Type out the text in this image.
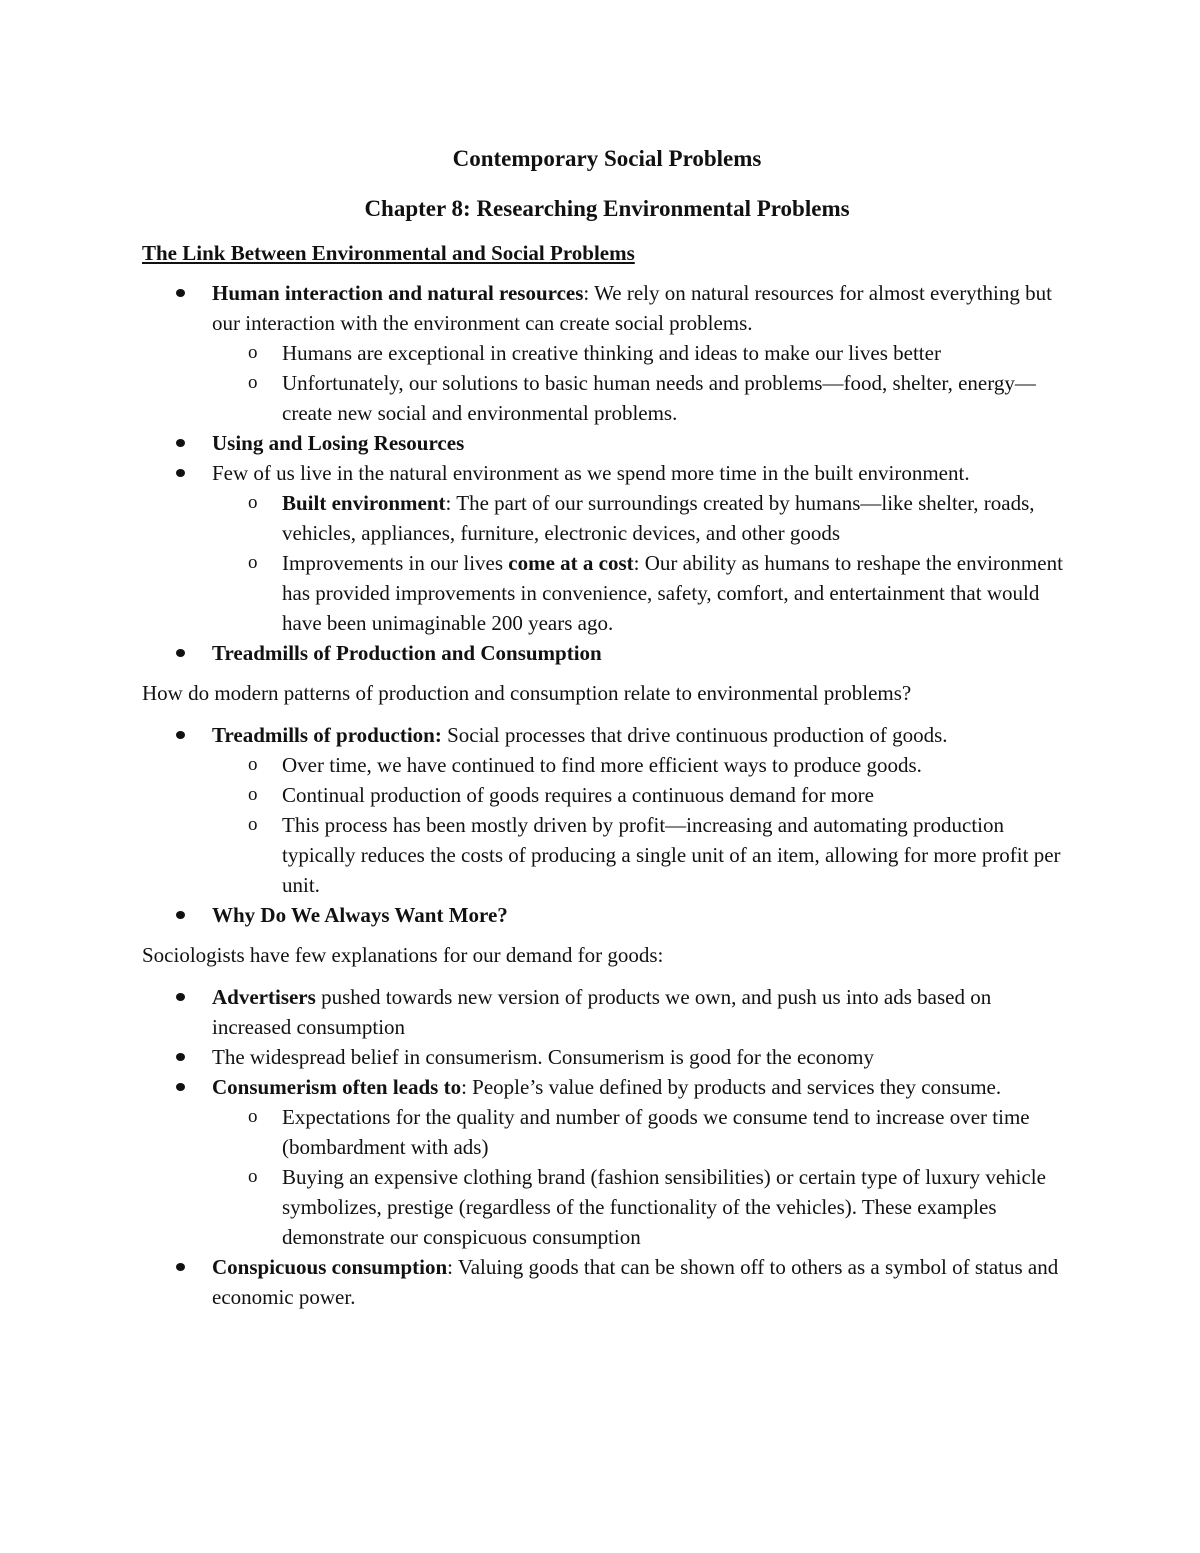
Contemporary Social Problems
Chapter 8: Researching Environmental Problems
The Link Between Environmental and Social Problems
Human interaction and natural resources: We rely on natural resources for almost everything but our interaction with the environment can create social problems.
o Humans are exceptional in creative thinking and ideas to make our lives better
o Unfortunately, our solutions to basic human needs and problems—food, shelter, energy—create new social and environmental problems.
Using and Losing Resources
Few of us live in the natural environment as we spend more time in the built environment.
o Built environment: The part of our surroundings created by humans—like shelter, roads, vehicles, appliances, furniture, electronic devices, and other goods
o Improvements in our lives come at a cost: Our ability as humans to reshape the environment has provided improvements in convenience, safety, comfort, and entertainment that would have been unimaginable 200 years ago.
Treadmills of Production and Consumption

How do modern patterns of production and consumption relate to environmental problems?

Treadmills of production: Social processes that drive continuous production of goods.
o Over time, we have continued to find more efficient ways to produce goods.
o Continual production of goods requires a continuous demand for more
o This process has been mostly driven by profit—increasing and automating production typically reduces the costs of producing a single unit of an item, allowing for more profit per unit.
Why Do We Always Want More?

Sociologists have few explanations for our demand for goods:

Advertisers pushed towards new version of products we own, and push us into ads based on increased consumption
The widespread belief in consumerism. Consumerism is good for the economy
Consumerism often leads to: People’s value defined by products and services they consume.
o Expectations for the quality and number of goods we consume tend to increase over time (bombardment with ads)
o Buying an expensive clothing brand (fashion sensibilities) or certain type of luxury vehicle symbolizes, prestige (regardless of the functionality of the vehicles). These examples demonstrate our conspicuous consumption
Conspicuous consumption: Valuing goods that can be shown off to others as a symbol of status and economic power.
